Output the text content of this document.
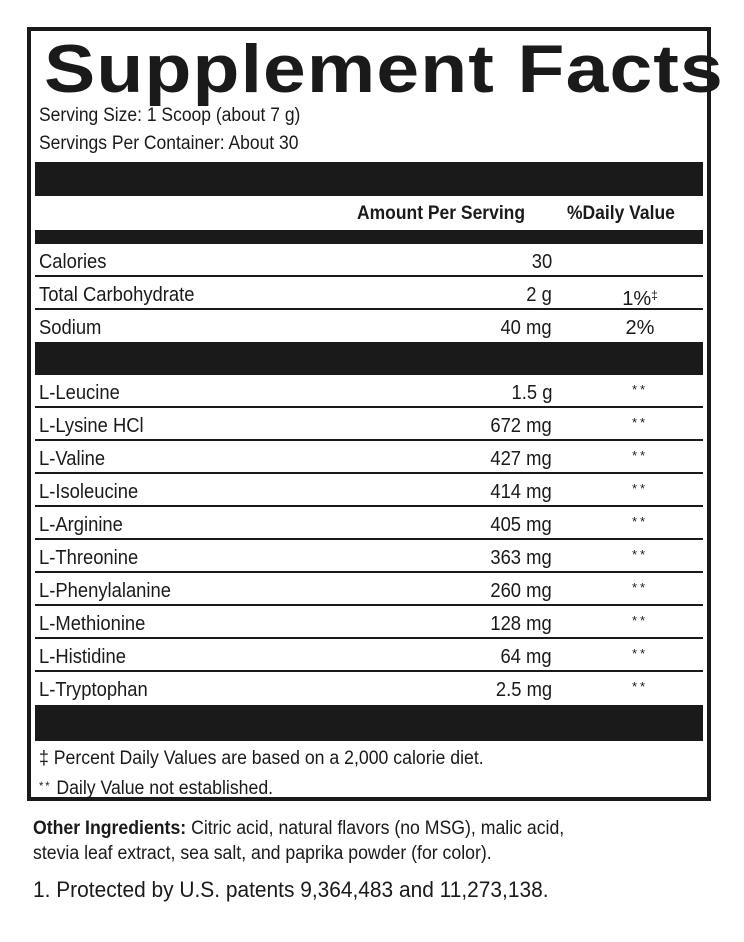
Supplement Facts
Serving Size: 1 Scoop (about 7 g)
Servings Per Container: About 30
Amount Per Serving %Daily Value
Calories	30
Total Carbohydrate	2 g	1%‡
Sodium	40 mg	2%
L-Leucine	1.5 g	**
L-Lysine HCl	672 mg	**
L-Valine	427 mg	**
L-Isoleucine	414 mg	**
L-Arginine	405 mg	**
L-Threonine	363 mg	**
L-Phenylalanine	260 mg	**
L-Methionine	128 mg	**
L-Histidine	64 mg	**
L-Tryptophan	2.5 mg	**
‡ Percent Daily Values are based on a 2,000 calorie diet.
** Daily Value not established.
Other Ingredients: Citric acid, natural flavors (no MSG), malic acid,
stevia leaf extract, sea salt, and paprika powder (for color).
1. Protected by U.S. patents 9,364,483 and 11,273,138.
